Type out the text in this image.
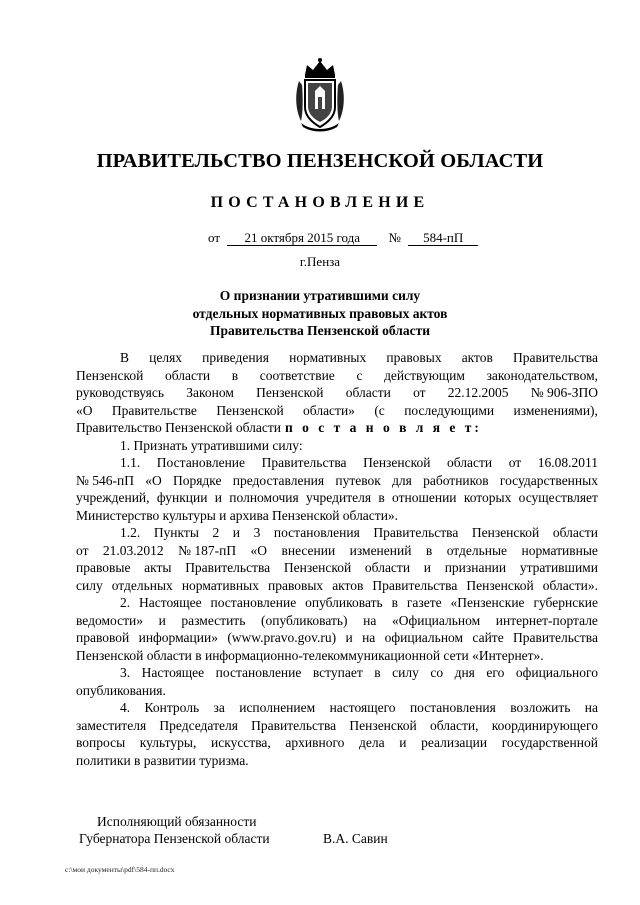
ПРАВИТЕЛЬСТВО ПЕНЗЕНСКОЙ ОБЛАСТИ
ПОСТАНОВЛЕНИЕ
от 21 октября 2015 года № 584-пП
г.Пенза
О признании утратившими силу
отдельных нормативных правовых актов
Правительства Пензенской области
В целях приведения нормативных правовых актов Правительства
Пензенской области в соответствие с действующим законодательством,
руководствуясь Законом Пензенской области от 22.12.2005 № 906-ЗПО
«О Правительстве Пензенской области» (с последующими изменениями),
Правительство Пензенской области п о с т а н о в л я е т:
1. Признать утратившими силу:
1.1. Постановление Правительства Пензенской области от 16.08.2011
№ 546-пП «О Порядке предоставления путевок для работников государственных
учреждений, функции и полномочия учредителя в отношении которых осуществляет
Министерство культуры и архива Пензенской области».
1.2. Пункты 2 и 3 постановления Правительства Пензенской области
от 21.03.2012 № 187-пП «О внесении изменений в отдельные нормативные
правовые акты Правительства Пензенской области и признании утратившими
силу отдельных нормативных правовых актов Правительства Пензенской области».
2. Настоящее постановление опубликовать в газете «Пензенские губернские
ведомости» и разместить (опубликовать) на «Официальном интернет-портале
правовой информации» (www.pravo.gov.ru) и на официальном сайте Правительства
Пензенской области в информационно-телекоммуникационной сети «Интернет».
3. Настоящее постановление вступает в силу со дня его официального
опубликования.
4. Контроль за исполнением настоящего постановления возложить на
заместителя Председателя Правительства Пензенской области, координирующего
вопросы культуры, искусства, архивного дела и реализации государственной
политики в развитии туризма.
Исполняющий обязанности
Губернатора Пензенской области	В.А. Савин
c:\мои документы\pdf\584-пп.docx
